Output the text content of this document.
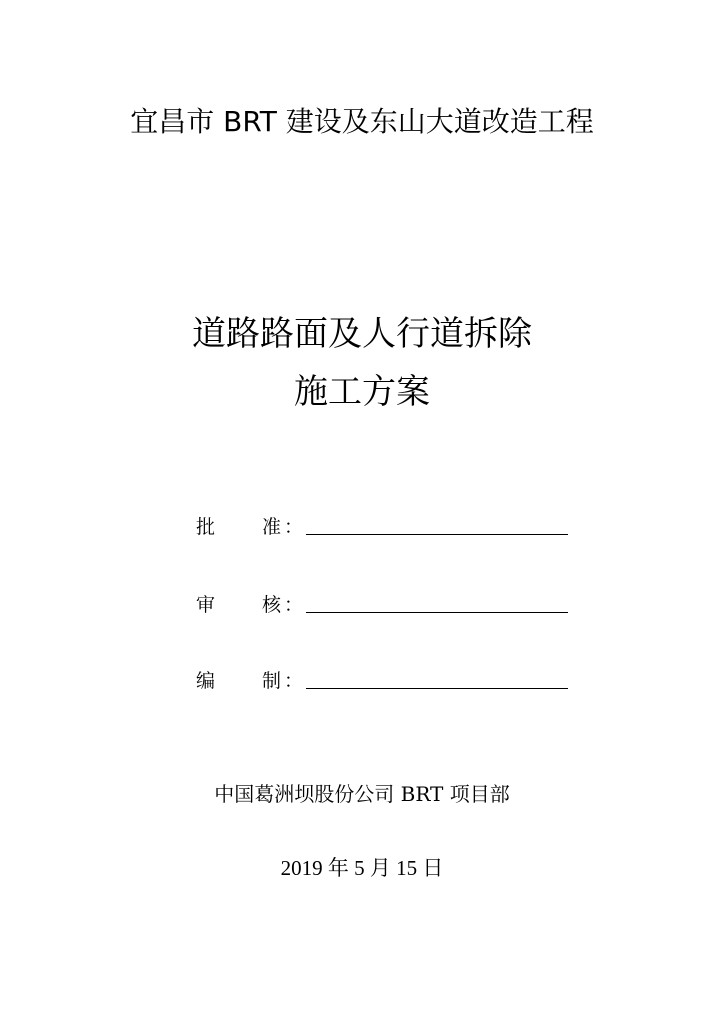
宜昌市 BRT 建设及东山大道改造工程
道路路面及人行道拆除
施工方案
批 准 ：
审 核 ：
编 制 ：
中国葛洲坝股份公司 BRT 项目部
2019 年 5 月 15 日
